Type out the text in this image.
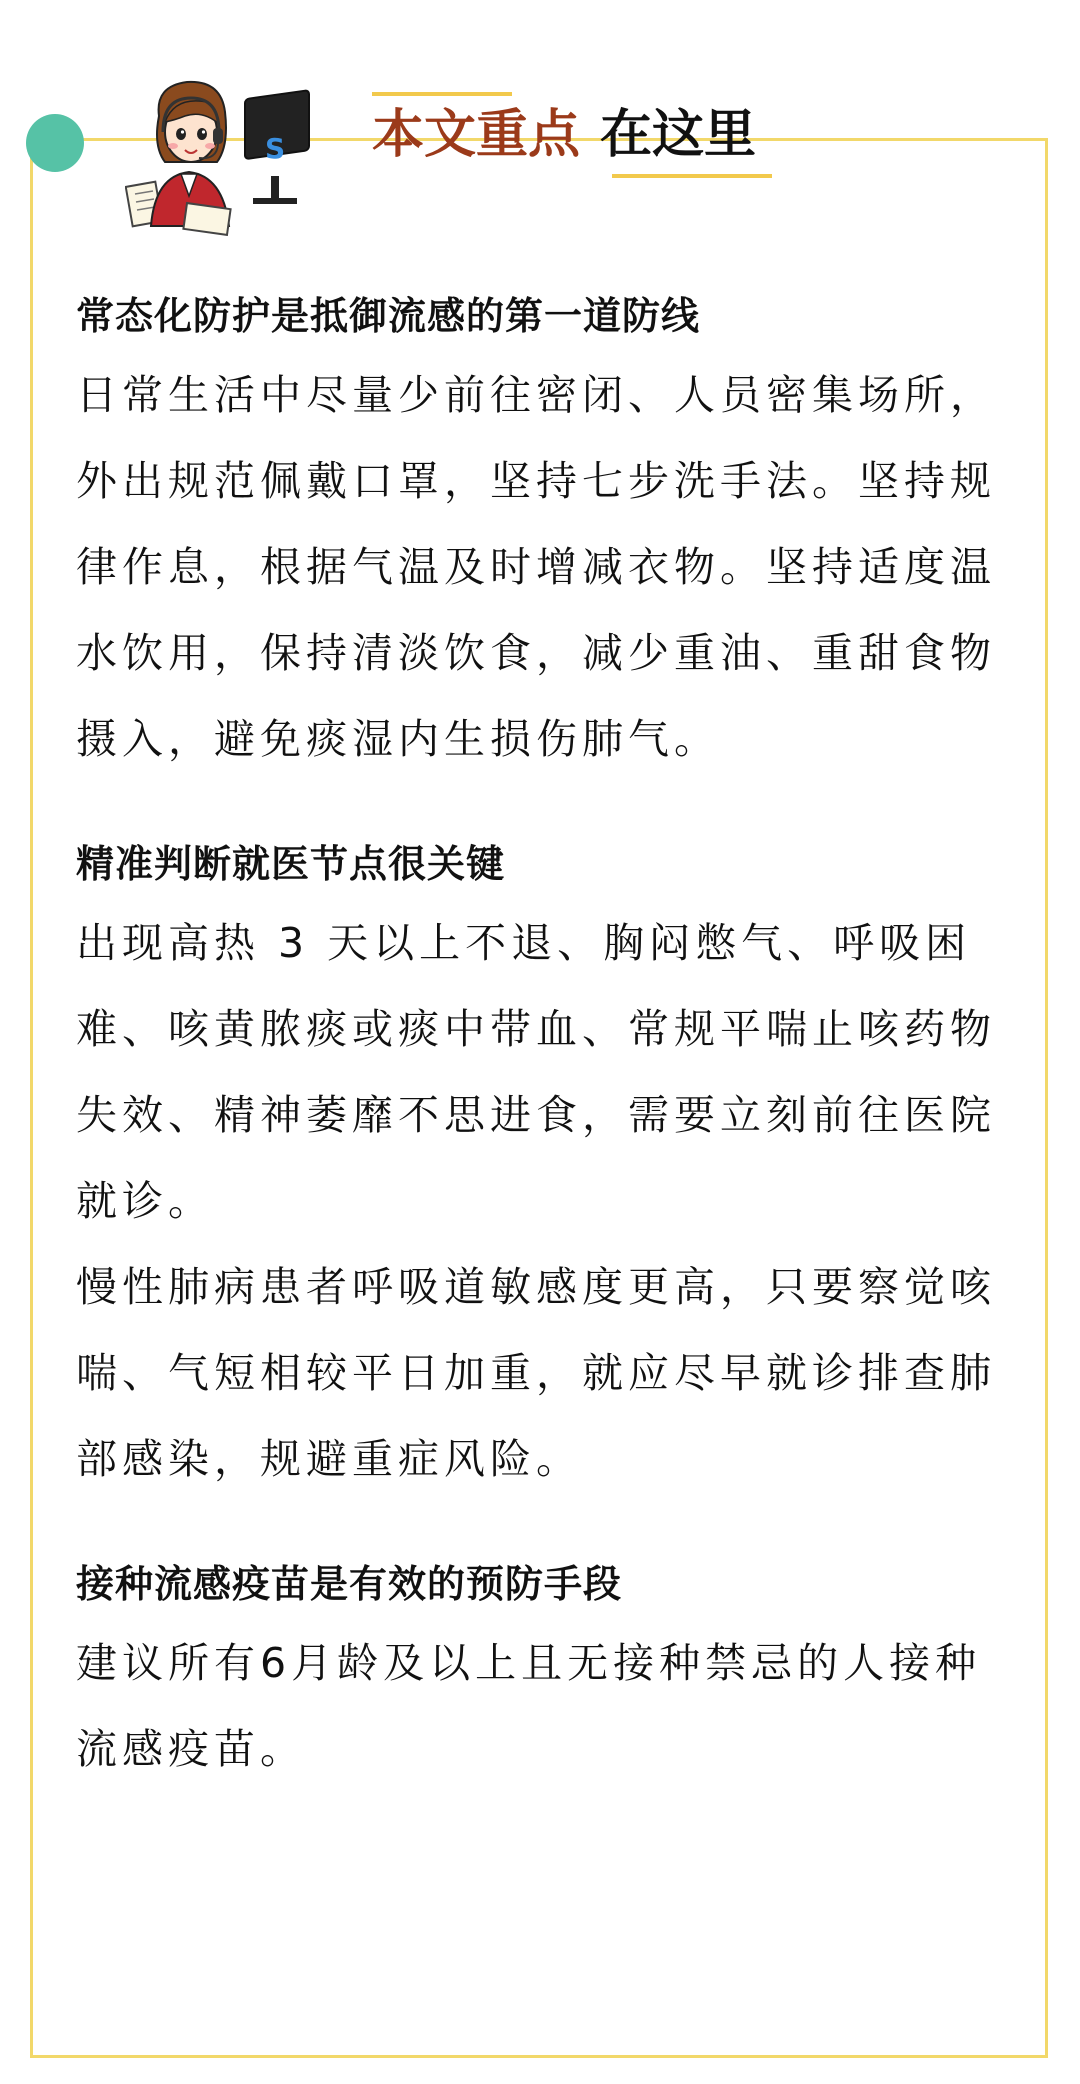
S 本文重点 在这里
常态化防护是抵御流感的第一道防线

日常生活中尽量少前往密闭、人员密集场所，外出规范佩戴口罩，坚持七步洗手法。坚持规律作息，根据气温及时增减衣物。坚持适度温水饮用，保持清淡饮食，减少重油、重甜食物摄入，避免痰湿内生损伤肺气。

精准判断就医节点很关键

出现高热 3 天以上不退、胸闷憋气、呼吸困难、咳黄脓痰或痰中带血、常规平喘止咳药物失效、精神萎靡不思进食，需要立刻前往医院就诊。

慢性肺病患者呼吸道敏感度更高，只要察觉咳喘、气短相较平日加重，就应尽早就诊排查肺部感染，规避重症风险。

接种流感疫苗是有效的预防手段

建议所有6月龄及以上且无接种禁忌的人接种流感疫苗。
